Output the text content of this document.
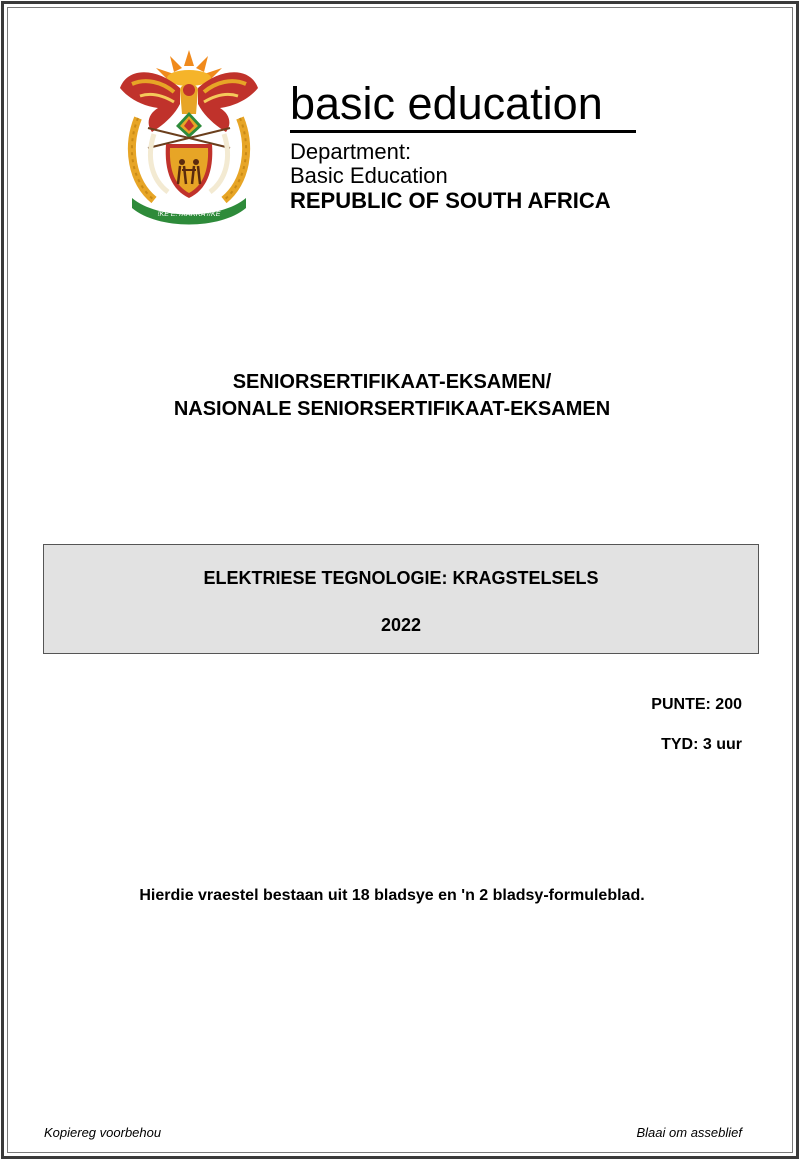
!KE E: /XARRA //KE
basic education
Department:
Basic Education
REPUBLIC OF SOUTH AFRICA
SENIORSERTIFIKAAT-EKSAMEN/
NASIONALE SENIORSERTIFIKAAT-EKSAMEN
ELEKTRIESE TEGNOLOGIE: KRAGSTELSELS
2022
PUNTE: 200
TYD: 3 uur
Hierdie vraestel bestaan uit 18 bladsye en 'n 2 bladsy-formuleblad.
Kopiereg voorbehou	Blaai om asseblief
